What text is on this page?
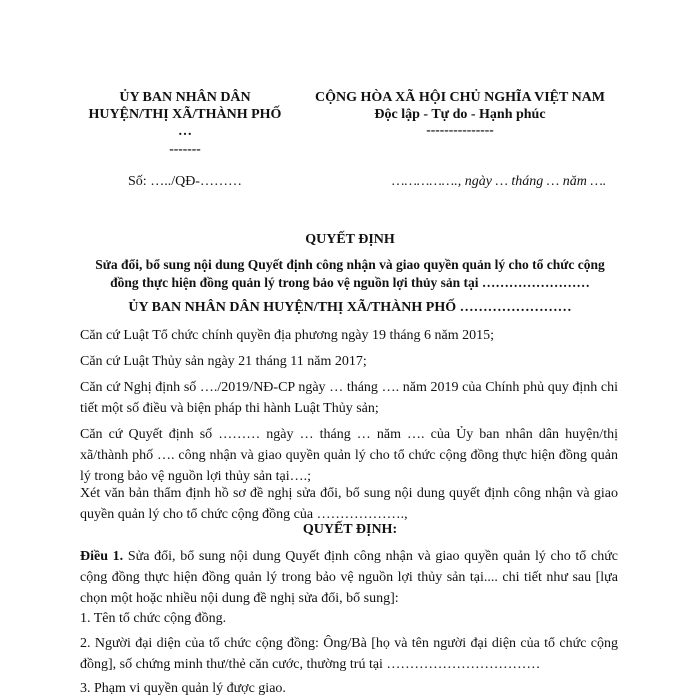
ỦY BAN NHÂN DÂN
HUYỆN/THỊ XÃ/THÀNH PHỐ
…
-------
CỘNG HÒA XÃ HỘI CHỦ NGHĨA VIỆT NAM
Độc lập - Tự do - Hạnh phúc
---------------
Số: …../QĐ-………	……………., ngày … tháng … năm ….
QUYẾT ĐỊNH
Sửa đổi, bổ sung nội dung Quyết định công nhận và giao quyền quản lý cho tổ chức cộng
đồng thực hiện đồng quản lý trong bảo vệ nguồn lợi thủy sản tại ……………………
ỦY BAN NHÂN DÂN HUYỆN/THỊ XÃ/THÀNH PHỐ ……………………
Căn cứ Luật Tổ chức chính quyền địa phương ngày 19 tháng 6 năm 2015;
Căn cứ Luật Thủy sản ngày 21 tháng 11 năm 2017;
Căn cứ Nghị định số …./2019/NĐ-CP ngày … tháng …. năm 2019 của Chính phủ quy định chi tiết một số điều và biện pháp thi hành Luật Thủy sản;
Căn cứ Quyết định số ……… ngày … tháng … năm …. của Ủy ban nhân dân huyện/thị xã/thành phố …. công nhận và giao quyền quản lý cho tổ chức cộng đồng thực hiện đồng quản lý trong bảo vệ nguồn lợi thủy sản tại….;
Xét văn bản thẩm định hồ sơ đề nghị sửa đổi, bổ sung nội dung quyết định công nhận và giao quyền quản lý cho tổ chức cộng đồng của ……………….,
QUYẾT ĐỊNH:
Điều 1. Sửa đổi, bổ sung nội dung Quyết định công nhận và giao quyền quản lý cho tổ chức cộng đồng thực hiện đồng quản lý trong bảo vệ nguồn lợi thủy sản tại.... chi tiết như sau [lựa chọn một hoặc nhiều nội dung đề nghị sửa đổi, bổ sung]:
1. Tên tổ chức cộng đồng.
2. Người đại diện của tổ chức cộng đồng: Ông/Bà [họ và tên người đại diện của tổ chức cộng đồng], số chứng minh thư/thẻ căn cước, thường trú tại ……………………………
3. Phạm vi quyền quản lý được giao.
